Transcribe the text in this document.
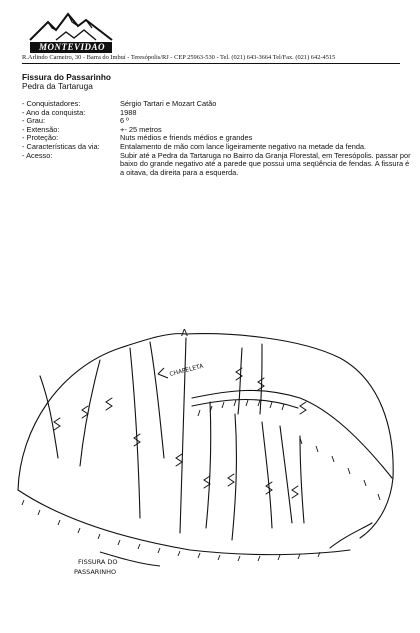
MONTEVIDAO
R.Arlindo Carneiro, 30 - Barra do Imbuí - Teresópolis/RJ - CEP 25963-530 - Tel. (021) 643-3664 Tel/Fax. (021) 642-4515
Fissura do Passarinho
Pedra da Tartaruga
- Conquistadores:	Sérgio Tartari e Mozart Catão
- Ano da conquista:	1988
- Grau:	6 º
- Extensão:	+- 25 metros
- Proteção:	Nuts médios e friends médios e grandes
- Características da via:	Entalamento de mão com lance ligeiramente negativo na metade da fenda.
- Acesso:	Subir até a Pedra da Tartaruga no Bairro da Granja Florestal, em Teresópolis. passar por baixo do grande negativo até a parede que possui uma seqüência de fendas. A fissura é a oitava, da direita para a esquerda.
A
CHAPELETA
FISSURA DO
PASSARINHO
